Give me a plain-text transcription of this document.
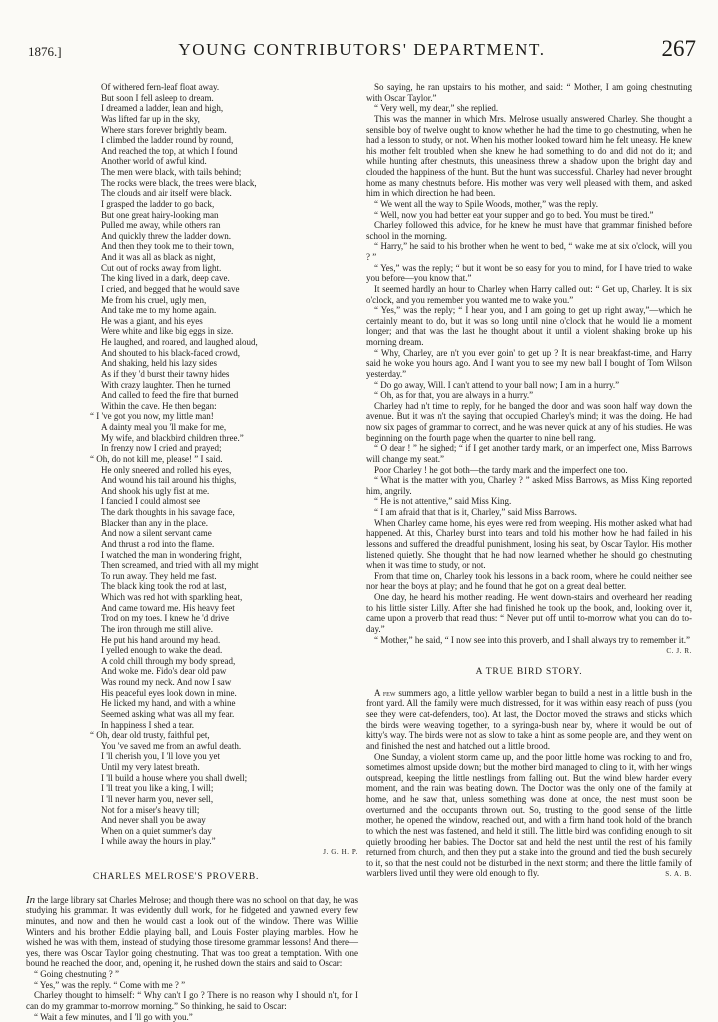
1876.]	YOUNG CONTRIBUTORS' DEPARTMENT.	267
Of withered fern-leaf float away.
But soon I fell asleep to dream.
I dreamed a ladder, lean and high,
Was lifted far up in the sky,
Where stars forever brightly beam.
I climbed the ladder round by round,
And reached the top, at which I found
Another world of awful kind.
The men were black, with tails behind;
The rocks were black, the trees were black,
The clouds and air itself were black.
I grasped the ladder to go back,
But one great hairy-looking man
Pulled me away, while others ran
And quickly threw the ladder down.
And then they took me to their town,
And it was all as black as night,
Cut out of rocks away from light.
The king lived in a dark, deep cave.
I cried, and begged that he would save
Me from his cruel, ugly men,
And take me to my home again.
He was a giant, and his eyes
Were white and like big eggs in size.
He laughed, and roared, and laughed aloud,
And shouted to his black-faced crowd,
And shaking, held his lazy sides
As if they 'd burst their tawny hides
With crazy laughter. Then he turned
And called to feed the fire that burned
Within the cave. He then began:
“ I 've got you now, my little man!
A dainty meal you 'll make for me,
My wife, and blackbird children three.”
In frenzy now I cried and prayed;
“ Oh, do not kill me, please! ” I said.
He only sneered and rolled his eyes,
And wound his tail around his thighs,
And shook his ugly fist at me.
I fancied I could almost see
The dark thoughts in his savage face,
Blacker than any in the place.
And now a silent servant came
And thrust a rod into the flame.
I watched the man in wondering fright,
Then screamed, and tried with all my might
To run away. They held me fast.
The black king took the rod at last,
Which was red hot with sparkling heat,
And came toward me. His heavy feet
Trod on my toes. I knew he 'd drive
The iron through me still alive.
He put his hand around my head.
I yelled enough to wake the dead.
A cold chill through my body spread,
And woke me. Fido's dear old paw
Was round my neck. And now I saw
His peaceful eyes look down in mine.
He licked my hand, and with a whine
Seemed asking what was all my fear.
In happiness I shed a tear.
“ Oh, dear old trusty, faithful pet,
You 've saved me from an awful death.
I 'll cherish you, I 'll love you yet
Until my very latest breath.
I 'll build a house where you shall dwell;
I 'll treat you like a king, I will;
I 'll never harm you, never sell,
Not for a miser's heavy till;
And never shall you be away
When on a quiet summer's day
I while away the hours in play.”
J. G. H. P.
CHARLES MELROSE'S PROVERB.

In the large library sat Charles Melrose; and though there was no school on that day, he was studying his grammar. It was evidently dull work, for he fidgeted and yawned every few minutes, and now and then he would cast a look out of the window. There was Willie Winters and his brother Eddie playing ball, and Louis Foster playing marbles. How he wished he was with them, instead of studying those tiresome grammar lessons! And there—yes, there was Oscar Taylor going chestnuting. That was too great a temptation. With one bound he reached the door, and, opening it, he rushed down the stairs and said to Oscar:

“ Going chestnuting ? ”

“ Yes,” was the reply. “ Come with me ? ”

Charley thought to himself: “ Why can't I go ? There is no reason why I should n't, for I can do my grammar to-morrow morning.” So thinking, he said to Oscar:

“ Wait a few minutes, and I 'll go with you.”

So saying, he ran upstairs to his mother, and said: “ Mother, I am going chestnuting with Oscar Taylor.”

“ Very well, my dear,” she replied.

This was the manner in which Mrs. Melrose usually answered Charley. She thought a sensible boy of twelve ought to know whether he had the time to go chestnuting, when he had a lesson to study, or not. When his mother looked toward him he felt uneasy. He knew his mother felt troubled when she knew he had something to do and did not do it; and while hunting after chestnuts, this uneasiness threw a shadow upon the bright day and clouded the happiness of the hunt. But the hunt was successful. Charley had never brought home as many chestnuts before. His mother was very well pleased with them, and asked him in which direction he had been.

“ We went all the way to Spile Woods, mother,” was the reply.

“ Well, now you had better eat your supper and go to bed. You must be tired.”

Charley followed this advice, for he knew he must have that grammar finished before school in the morning.

“ Harry,” he said to his brother when he went to bed, “ wake me at six o'clock, will you ? ”

“ Yes,” was the reply; “ but it wont be so easy for you to mind, for I have tried to wake you before—you know that.”

It seemed hardly an hour to Charley when Harry called out: “ Get up, Charley. It is six o'clock, and you remember you wanted me to wake you.”

“ Yes,” was the reply; “ I hear you, and I am going to get up right away,”—which he certainly meant to do, but it was so long until nine o'clock that he would lie a moment longer; and that was the last he thought about it until a violent shaking broke up his morning dream.

“ Why, Charley, are n't you ever goin' to get up ? It is near breakfast-time, and Harry said he woke you hours ago. And I want you to see my new ball I bought of Tom Wilson yesterday.”

“ Do go away, Will. I can't attend to your ball now; I am in a hurry.”

“ Oh, as for that, you are always in a hurry.”

Charley had n't time to reply, for he banged the door and was soon half way down the avenue. But it was n't the saying that occupied Charley's mind; it was the doing. He had now six pages of grammar to correct, and he was never quick at any of his studies. He was beginning on the fourth page when the quarter to nine bell rang.

“ O dear ! ” he sighed; “ if I get another tardy mark, or an imperfect one, Miss Barrows will change my seat.”

Poor Charley ! he got both—the tardy mark and the imperfect one too.

“ What is the matter with you, Charley ? ” asked Miss Barrows, as Miss King reported him, angrily.

“ He is not attentive,” said Miss King.

“ I am afraid that that is it, Charley,” said Miss Barrows.

When Charley came home, his eyes were red from weeping. His mother asked what had happened. At this, Charley burst into tears and told his mother how he had failed in his lessons and suffered the dreadful punishment, losing his seat, by Oscar Taylor. His mother listened quietly. She thought that he had now learned whether he should go chestnuting when it was time to study, or not.

From that time on, Charley took his lessons in a back room, where he could neither see nor hear the boys at play; and he found that he got on a great deal better.

One day, he heard his mother reading. He went down-stairs and overheard her reading to his little sister Lilly. After she had finished he took up the book, and, looking over it, came upon a proverb that read thus: “ Never put off until to-morrow what you can do to-day.”

“ Mother,” he said, “ I now see into this proverb, and I shall always try to remember it.”
C. J. R.

A TRUE BIRD STORY.

A few summers ago, a little yellow warbler began to build a nest in a little bush in the front yard. All the family were much distressed, for it was within easy reach of puss (you see they were cat-defenders, too). At last, the Doctor moved the straws and sticks which the birds were weaving together, to a syringa-bush near by, where it would be out of kitty's way. The birds were not as slow to take a hint as some people are, and they went on and finished the nest and hatched out a little brood.

One Sunday, a violent storm came up, and the poor little home was rocking to and fro, sometimes almost upside down; but the mother bird managed to cling to it, with her wings outspread, keeping the little nestlings from falling out. But the wind blew harder every moment, and the rain was beating down. The Doctor was the only one of the family at home, and he saw that, unless something was done at once, the nest must soon be overturned and the occupants thrown out. So, trusting to the good sense of the little mother, he opened the window, reached out, and with a firm hand took hold of the branch to which the nest was fastened, and held it still. The little bird was confiding enough to sit quietly brooding her babies. The Doctor sat and held the nest until the rest of his family returned from church, and then they put a stake into the ground and tied the bush securely to it, so that the nest could not be disturbed in the next storm; and there the little family of warblers lived until they were old enough to fly.	S. A. B.
